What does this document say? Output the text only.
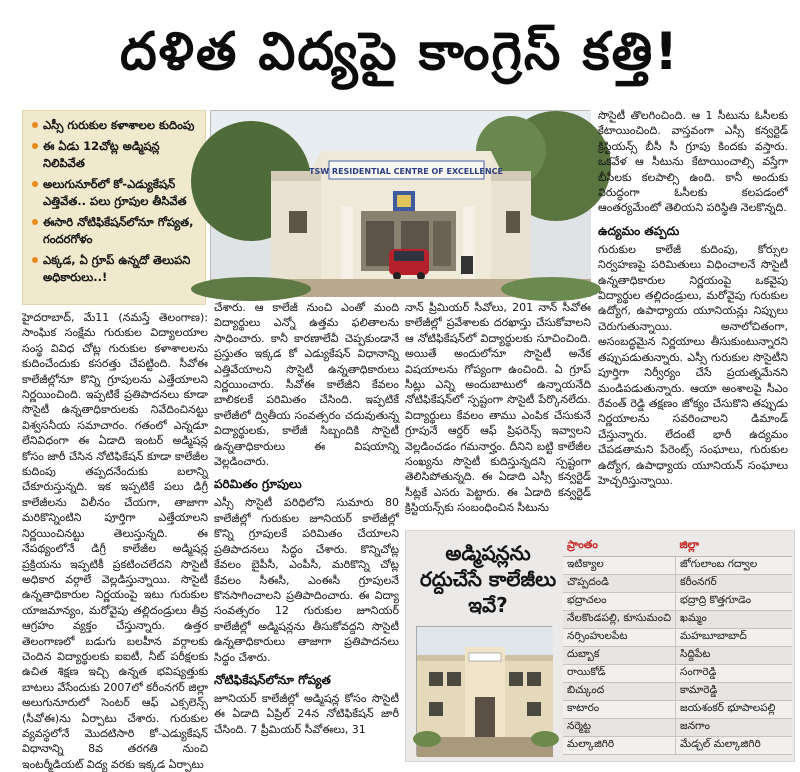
దళిత విద్యపై కాంగ్రెస్ కత్తి!
ఎస్సీ గురుకుల కళాశాలల కుదింపు
ఈ ఏడు 12చోట్ల అడ్మిషన్ల నిలిపివేత
అలుగునూర్‌లో కో-ఎడ్యుకేషన్ ఎత్తివేత.. పలు గ్రూపుల తీసివేత
ఈసారి నోటిఫికేషన్‌లోనూ గోప్యత, గందరగోళం
ఎక్కడ, ఏ గ్రూప్ ఉన్నదో తెలుపని అధికారులు..!
TSW RESIDENTIAL CENTRE OF EXCELLENCE

హైదరాబాద్, మే11 (నమస్తే తెలంగాణ): సాంఘిక సంక్షేమ గురుకుల విద్యాలయాల సంస్థ వివిధ చోట్ల గురుకుల కళాశాలలను కుదించేందుకు కసరత్తు చేపట్టింది. సీవోఈ కాలేజీల్లోనూ కొన్ని గ్రూపులను ఎత్తేయాలని నిర్ణయించింది. ఇప్పటికే ప్రతిపాదనలు కూడా సొసైటీ ఉన్నతాధికారులకు నివేదించినట్టు విశ్వసనీయ సమాచారం. గతంలో ఎన్నడూ లేనివిధంగా ఈ ఏడాది ఇంటర్ అడ్మిషన్ల కోసం జారీ చేసిన నోటిఫికేషన్ కూడా కాలేజీల కుదింపు తప్పదనేందుకు బలాన్ని చేకూరుస్తున్నది. ఇక ఇప్పటికే పలు డిగ్రీ కాలేజీలను విలీనం చేయగా, తాజాగా మరికొన్నింటిని పూర్తిగా ఎత్తేయాలని నిర్ణయించినట్టు తెలుస్తున్నది. ఈ నేపథ్యంలోనే డిగ్రీ కాలేజీల అడ్మిషన్ల ప్రక్రియను ఇప్పటికీ ప్రకటించలేదని సొసైటీ అధికార వర్గాలే వెల్లడిస్తున్నాయి. సొసైటీ ఉన్నతాధికారుల నిర్ణయంపై ఇటు గురుకుల యాజమాన్యం, మరోవైపు తల్లిదండ్రులు తీవ్ర ఆగ్రహం వ్యక్తం చేస్తున్నారు. ఉత్తర తెలంగాణలో బడుగు బలహీన వర్గాలకు చెందిన విద్యార్థులకు ఐఐటీ, నీట్ పరీక్షలకు ఉచిత శిక్షణ ఇచ్చి ఉన్నత భవిష్యత్తుకు బాటలు వేసేందుకు 2007లో కరీంనగర్ జిల్లా అలుగునూరులో సెంటర్ ఆఫ్ ఎక్సలెన్స్ (సీవోఈ)ను ఏర్పాటు చేశారు. గురుకుల వ్యవస్థలోనే మొదటిసారి కో-ఎడ్యుకేషన్ విధానాన్ని 8వ తరగతి నుంచి ఇంటర్మీడియట్ విద్య వరకు ఇక్కడ ఏర్పాటు

చేశారు. ఆ కాలేజీ నుంచి ఎంతో మంది విద్యార్థులు ఎన్నో ఉత్తమ ఫలితాలను సాధించారు. కానీ కారణాలేవీ చెప్పకుండానే ప్రస్తుతం ఇక్కడ కో ఎడ్యుకేషన్ విధానాన్ని ఎత్తివేయాలని సొసైటీ ఉన్నతాధికారులు నిర్ణయించారు. సీవోఈ కాలేజీని కేవలం బాలికలకే పరిమితం చేసింది. ఇప్పటికే కాలేజీలో ద్వితీయ సంవత్సరం చదువుతున్న విద్యార్థులకు, కాలేజీ సిబ్బందికి సొసైటీ ఉన్నతాధికారులు ఈ విషయాన్ని వెల్లడించారు.

పరిమితం గ్రూపులు

ఎస్సీ సొసైటీ పరిధిలోని సుమారు 80 కాలేజీల్లో గురుకుల జూనియర్ కాలేజీల్లో కొన్ని గ్రూపులకే పరిమితం చేయాలని ప్రతిపాదనలు సిద్ధం చేశారు. కొన్నిచోట్ల కేవలం బైపీసీ, ఎంపీసీ, మరికొన్ని చోట్ల కేవలం సీఈసీ, ఎంఈసీ గ్రూపులనే కొనసాగించాలని ప్రతిపాదించారు. ఈ విద్యా సంవత్సరం 12 గురుకుల జూనియర్ కాలేజీల్లో అడ్మిషన్లను తీసుకోవద్దని సొసైటీ ఉన్నతాధికారులు తాజాగా ప్రతిపాదనలు సిద్ధం చేశారు.

నోటిఫికేషన్‌లోనూ గోప్యత

జూనియర్ కాలేజీల్లో అడ్మిషన్ల కోసం సొసైటీ ఈ ఏడాది ఏప్రిల్ 24న నోటిఫికేషన్ జారీ చేసింది. 7 ప్రీమియర్ సీవోఈలు, 31

నాన్ ప్రీమియర్ సీవోలు, 201 నాన్ సీవోఈ కాలేజీల్లో ప్రవేశాలకు దరఖాస్తు చేసుకోవాలని ఆ నోటిఫికేషన్‌లో విద్యార్థులకు సూచించింది. అయితే అందులోనూ సొసైటీ అనేక విషయాలను గోప్యంగా ఉంచింది. ఏ గ్రూప్ సీట్లు ఎన్ని అందుబాటులో ఉన్నాయనేది నోటిఫికేషన్‌లో స్పష్టంగా సొసైటీ పేర్కొనలేదు. విద్యార్థులు కేవలం తాము ఎంపిక చేసుకునే గ్రూపునే ఆర్డర్ ఆఫ్ ప్రిఫరెన్స్ ఇవ్వాలని వెల్లడించడం గమనార్హం. దీనిని బట్టి కాలేజీల సంఖ్యను సొసైటీ కుదిస్తున్నదని స్పష్టంగా తెలిసిపోతున్నది. ఈ ఏడాది ఎస్సీ కన్వర్టెడ్ సీట్లకే ఎసరు పెట్టారు. ఈ ఏడాది కన్వర్టెడ్ క్రిస్టియన్స్‌కు సంబంధించిన సీటును

సొసైటీ తొలగించింది. ఆ 1 సీటును ఓసీలకు కేటాయించింది. వాస్తవంగా ఎస్సీ కన్వర్టెడ్ క్రిస్టియన్స్ బీసీ సీ గ్రూపు కిందకు వస్తారు. ఒకవేళ ఆ సీటును కేటాయించాల్సి వస్తేగా బీసీలకు కలపాల్సి ఉంది. కానీ అందుకు విరుద్ధంగా ఓసీలకు కలపడంలో ఆంతర్యమేంటో తెలియని పరిస్థితి నెలకొన్నది.

ఉద్యమం తప్పదు

గురుకుల కాలేజీ కుదింపు, కోర్సుల నిర్వహణపై పరిమితులు విధించాలనే సొసైటీ ఉన్నతాధికారుల నిర్ణయంపై ఒకవైపు విద్యార్థుల తల్లిదండ్రులు, మరోవైపు గురుకుల ఉద్యోగ, ఉపాధ్యాయ యూనియన్లు నిప్పులు చెరుగుతున్నాయి. అనాలోచితంగా, అసంబద్ధమైన నిర్ణయాలు తీసుకుంటున్నారని తప్పుపడుతున్నారు. ఎస్సీ గురుకుల సొసైటీని పూర్తిగా నిర్వీర్యం చేసే ప్రయత్నమేనని మండిపడుతున్నారు. ఆయా అంశాలపై సీఎం రేవంత్ రెడ్డి తక్షణం జోక్యం చేసుకొని తప్పుడు నిర్ణయాలను సవరించాలని డిమాండ్ చేస్తున్నారు. లేదంటే భారీ ఉద్యమం చేపడతామని పేరెంట్స్ సంఘాలు, గురుకుల ఉద్యోగ, ఉపాధ్యాయ యూనియన్ సంఘాలు హెచ్చరిస్తున్నాయి.

అడ్మిషన్లను రద్దుచేసే కాలేజీలు ఇవే?
ప్రాంతం	జిల్లా
ఇటిక్యాల	జోగులాంబ గద్వాల
చొప్పదండి	కరీంనగర్
భద్రాచలం	భద్రాద్రి కొత్తగూడెం
నేలకొండపల్లి, కూసుమంచి	ఖమ్మం
నర్సింహులపేట	మహబూబాబాద్
దుబ్బాక	సిద్దిపేట
రాయికోడ్	సంగారెడ్డి
బిచ్కుంద	కామారెడ్డి
కాటారం	జయశంకర్ భూపాలపల్లి
నర్మెట్ట	జనగాం
మల్కాజిగిరి	మేడ్చల్ మల్కాజిగిరి
